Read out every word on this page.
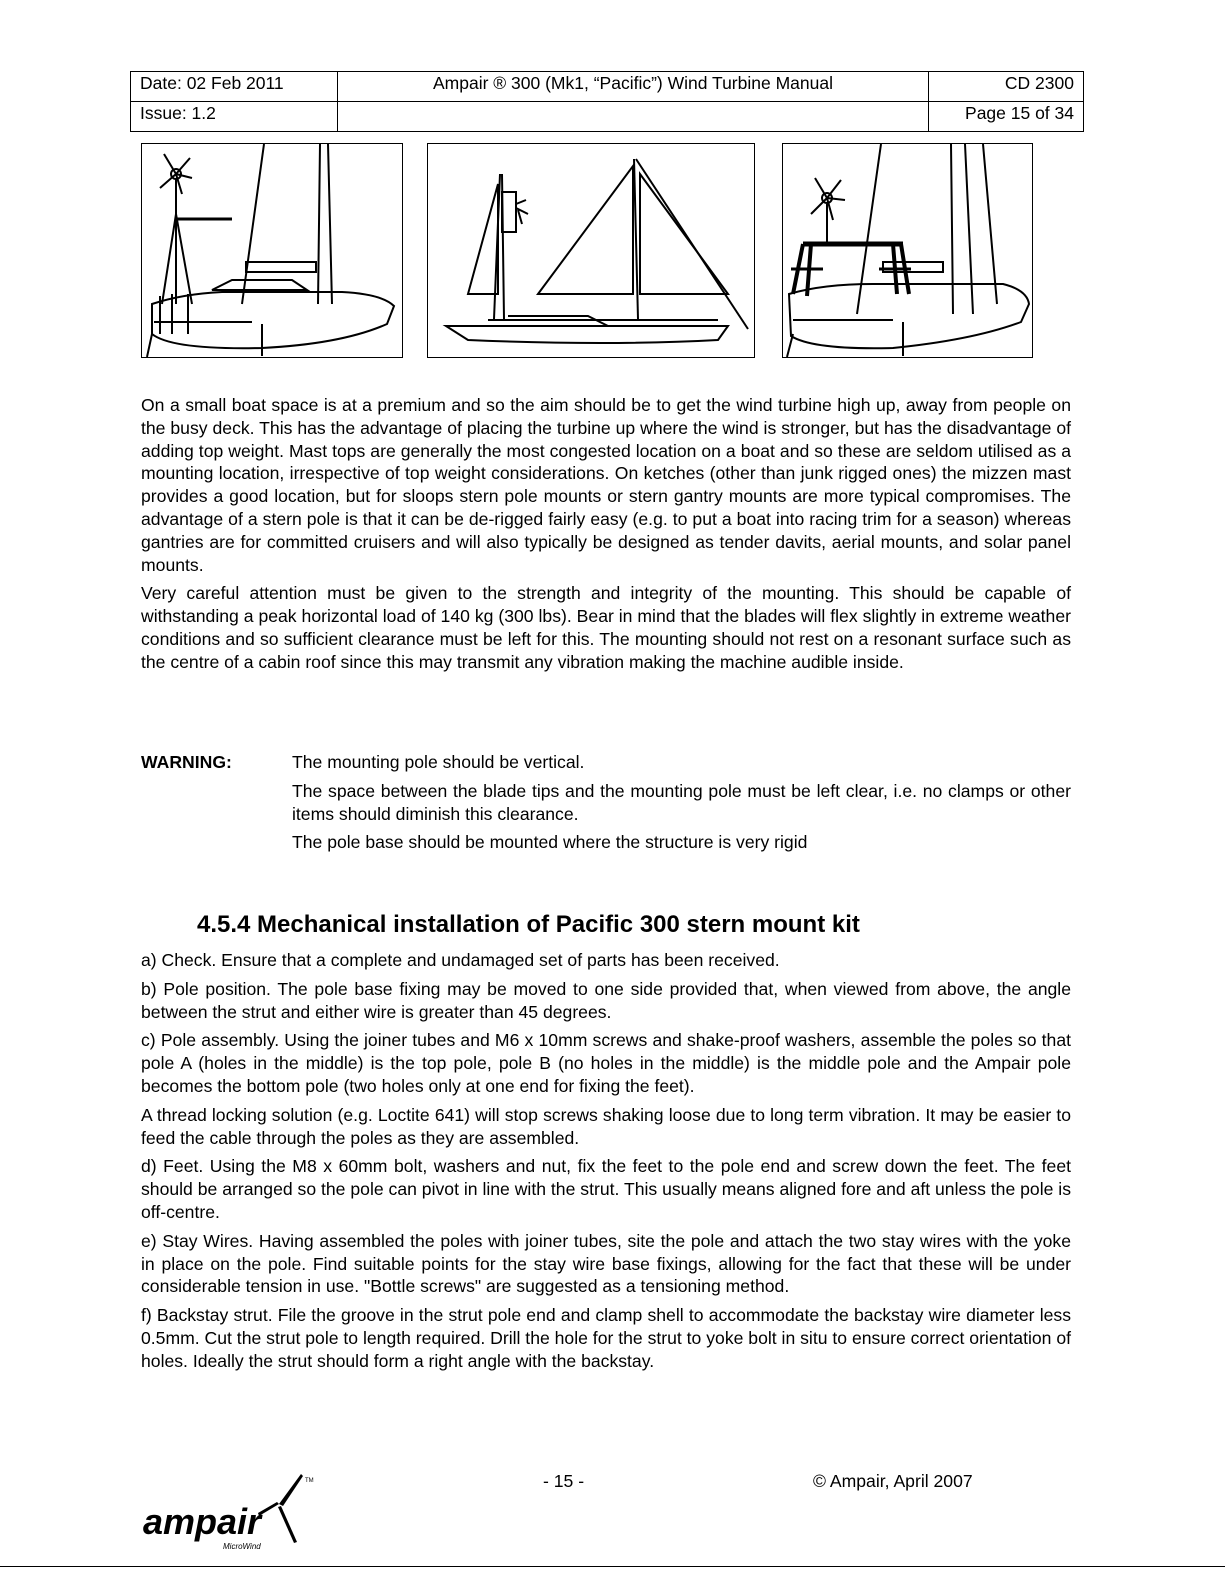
Date: 02 Feb 2011	Ampair ® 300 (Mk1, “Pacific”) Wind Turbine Manual	CD 2300
Issue: 1.2		Page 15 of 34

On a small boat space is at a premium and so the aim should be to get the wind turbine high up, away from people on the busy deck. This has the advantage of placing the turbine up where the wind is stronger, but has the disadvantage of adding top weight. Mast tops are generally the most congested location on a boat and so these are seldom utilised as a mounting location, irrespective of top weight considerations. On ketches (other than junk rigged ones) the mizzen mast provides a good location, but for sloops stern pole mounts or stern gantry mounts are more typical compromises. The advantage of a stern pole is that it can be de-rigged fairly easy (e.g. to put a boat into racing trim for a season) whereas gantries are for committed cruisers and will also typically be designed as tender davits, aerial mounts, and solar panel mounts.

Very careful attention must be given to the strength and integrity of the mounting. This should be capable of withstanding a peak horizontal load of 140 kg (300 lbs). Bear in mind that the blades will flex slightly in extreme weather conditions and so sufficient clearance must be left for this. The mounting should not rest on a resonant surface such as the centre of a cabin roof since this may transmit any vibration making the machine audible inside.

WARNING:	The mounting pole should be vertical.

The space between the blade tips and the mounting pole must be left clear, i.e. no clamps or other items should diminish this clearance.

The pole base should be mounted where the structure is very rigid

4.5.4 Mechanical installation of Pacific 300 stern mount kit

a) Check. Ensure that a complete and undamaged set of parts has been received.

b) Pole position. The pole base fixing may be moved to one side provided that, when viewed from above, the angle between the strut and either wire is greater than 45 degrees.

c) Pole assembly. Using the joiner tubes and M6 x 10mm screws and shake-proof washers, assemble the poles so that pole A (holes in the middle) is the top pole, pole B (no holes in the middle) is the middle pole and the Ampair pole becomes the bottom pole (two holes only at one end for fixing the feet).

A thread locking solution (e.g. Loctite 641) will stop screws shaking loose due to long term vibration. It may be easier to feed the cable through the poles as they are assembled.

d) Feet. Using the M8 x 60mm bolt, washers and nut, fix the feet to the pole end and screw down the feet. The feet should be arranged so the pole can pivot in line with the strut. This usually means aligned fore and aft unless the pole is off-centre.

e) Stay Wires. Having assembled the poles with joiner tubes, site the pole and attach the two stay wires with the yoke in place on the pole. Find suitable points for the stay wire base fixings, allowing for the fact that these will be under considerable tension in use. "Bottle screws" are suggested as a tensioning method.

f) Backstay strut. File the groove in the strut pole end and clamp shell to accommodate the backstay wire diameter less 0.5mm. Cut the strut pole to length required. Drill the hole for the strut to yoke bolt in situ to ensure correct orientation of holes. Ideally the strut should form a right angle with the backstay.

- 15 -	© Ampair, April 2007
TM
ampair
MicroWind
